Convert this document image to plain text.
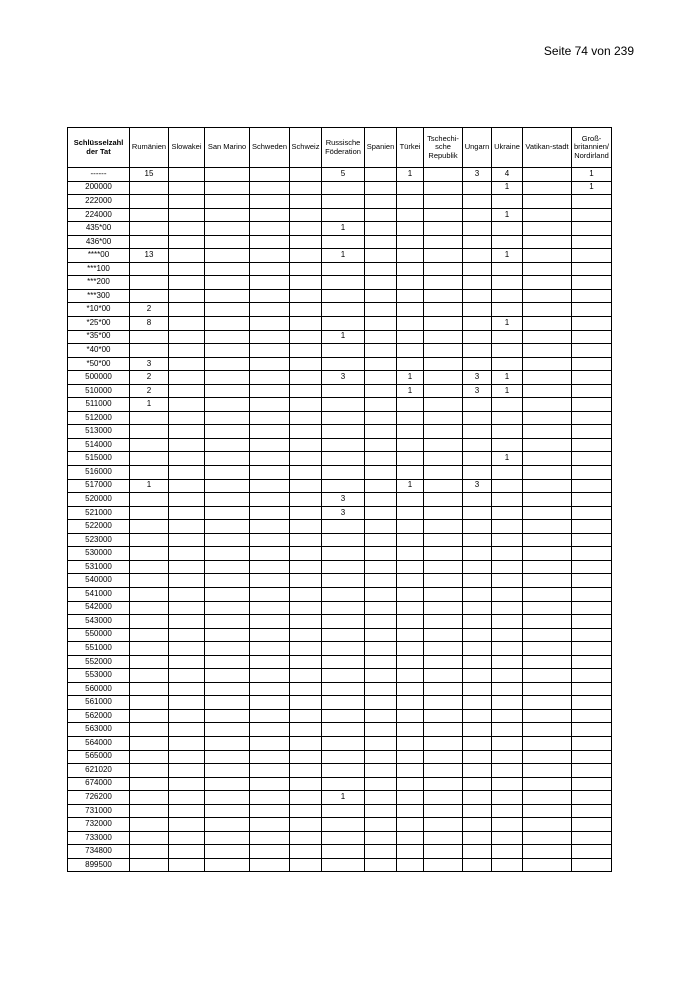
Seite 74 von 239
Schlüsselzahl der Tat	Rumänien	Slowakei	San Marino	Schweden	Schweiz	Russische Föderation	Spanien	Türkei	Tschechi-sche Republik	Ungarn	Ukraine	Vatikan-stadt	Groß-britannien/ Nordirland
------	15					5		1		3	4		1
200000											1		1
222000													
224000											1		
435*00						1							
436*00													
****00	13					1					1		
***100													
***200													
***300													
*10*00	2												
*25*00	8										1		
*35*00						1							
*40*00													
*50*00	3												
500000	2					3		1		3	1		
510000	2							1		3	1		
511000	1												
512000													
513000													
514000													
515000											1		
516000													
517000	1							1		3			
520000						3							
521000						3							
522000													
523000													
530000													
531000													
540000													
541000													
542000													
543000													
550000													
551000													
552000													
553000													
560000													
561000													
562000													
563000													
564000													
565000													
621020													
674000													
726200						1							
731000													
732000													
733000													
734800													
899500													
